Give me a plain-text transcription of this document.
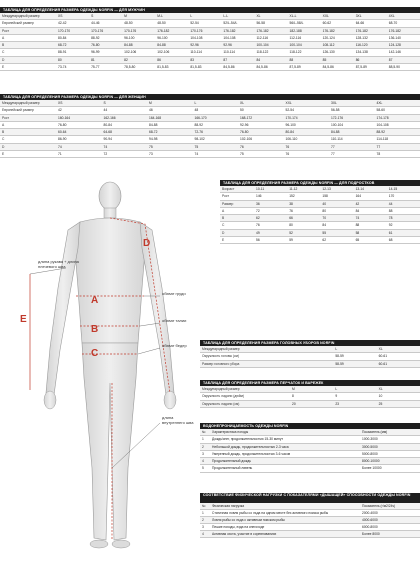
ТАБЛИЦА ДЛЯ ОПРЕДЕЛЕНИЯ РАЗМЕРА ОДЕЖДЫ NORFIN — ДЛЯ МУЖЧИН
Международный размер	XS	S	M	M-L	L	L-L	XL	XL-L	XXL	3XL	4XL
Европейский размер	42-42	44-46	48-50	48-50	52-54	52/L-54/L	56-58	56/L-58/L	60-62	64-66	68-70
Рост	170-170	170-176	170-176	176-182	170-176	176-182	176-182	182-188	176-182	176-182	176-182
A	80-84	88-92	96-100	96-100	104-108	104-108	112-116	112-116	120-124	128-132	136-140
B	68-72	76-80	84-88	84-88	92-96	92-96	100-104	100-104	108-112	116-120	124-128
C	88-91	96-99	102-106	102-106	110-114	110-114	118-122	118-122	126-130	134-138	142-146
D	80	81	82	86	83	87	84	88	85	86	87
E	73-74	75-77	78,5-80	81,5-83	81,5-83	84,5-86	84,5-86	87,5-89	84,5-86	87,5-89	88,5-90
ТАБЛИЦА ДЛЯ ОПРЕДЕЛЕНИЯ РАЗМЕРА ОДЕЖДЫ NORFIN — ДЛЯ ЖЕНЩИН
Международный размер	XS	S	M	L	XL	XXL	3XL	4XL
Европейский размер	42	44	46	48	50	52-54	56-58	58-60
Рост	160-164	162-166	164-168	166-170	168-172	170-174	172-176	174-178
A	76-80	80-84	84-88	88-92	92-96	96-100	100-104	104-108
B	60-64	64-68	68-72	72-76	76-80	80-84	84-88	88-92
C	86-90	90-94	94-98	98-102	102-106	106-110	110-114	114-118
D	74	74	75	75	76	76	77	77
E	71	72	73	74	75	76	77	78
ТАБЛИЦА ДЛЯ ОПРЕДЕЛЕНИЯ РАЗМЕРА ОДЕЖДЫ NORFIN — ДЛЯ ПОДРОСТКОВ
Возраст	10-11	11-12	12-13	13-14	14-15
Рост	146	152	158	164	170
Размер	36	38	40	42	44
A	72	76	80	84	88
B	62	66	70	74	78
C	76	80	84	88	92
D	49	52	55	58	61
E	56	59	62	65	68
ТАБЛИЦА ДЛЯ ОПРЕДЕЛЕНИЯ РАЗМЕРА ГОЛОВНЫХ УБОРОВ NORFIN
Международный размер		L	XL
Окружность головы (см)		58-59	60-61
Размер головного убора		58-59	60-61
ТАБЛИЦА ДЛЯ ОПРЕДЕЛЕНИЯ РАЗМЕРА ПЕРЧАТОК И ВАРЕЖЕК
Международный размер	M	L	XL
Окружность ладони (дюйм)	8	9	10
Окружность ладони (см)	20	23	25
ВОДОНЕПРОНИЦАЕМОСТЬ ОДЕЖДЫ NORFIN
№	Характеристика погоды	Показатель (мм)
1	Дождь/снег, продолжительностью 15-30 минут	1000-3000
2	Небольшой дождь, продолжительностью 2-3 часа	3000-5000
3	Умеренный дождь, продолжительностью 3-6 часов	5000-8000
4	Продолжительный дождь	8000-10000
5	Продолжительный ливень	Более 10000
СООТВЕТСТВИЕ ФИЗИЧЕСКОЙ НАГРУЗКИ С ПОКАЗАТЕЛЯМИ «ДЫШАЩЕЙ» СПОСОБНОСТИ ОДЕЖДЫ NORFIN
№	Физическая нагрузка	Показатель (г/м2/24ч)
1	Статичная ловля рыбы со льда на одном месте без активного поиска рыбы	2000-4000
2	Ловля рыбы со льда с активным поиском рыбы	4000-6000
3	Пешие походы, езда на снегоходе	6000-8000
4	Активная охота, участие в соревнованиях	Более 8000
A
B
C
D
E
длина рукава + длина плечевого шва
обхват груди
обхват талии
обхват бедер
длина внутреннего шва
